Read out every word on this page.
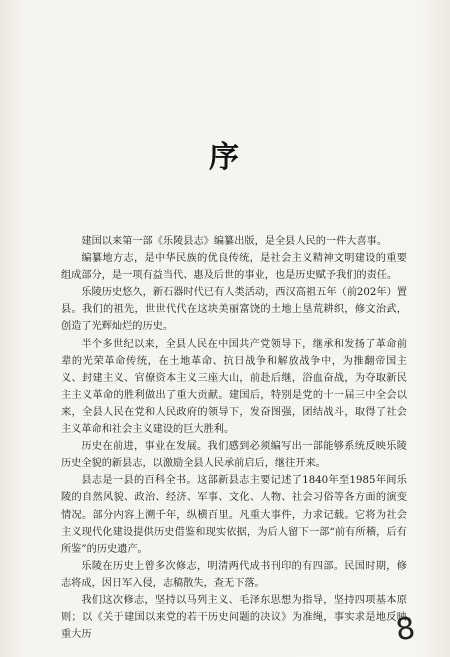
序

建国以来第一部《乐陵县志》编纂出版，是全县人民的一件大喜事。

编纂地方志，是中华民族的优良传统，是社会主义精神文明建设的重要组成部分，是一项有益当代、惠及后世的事业，也是历史赋予我们的责任。

乐陵历史悠久，新石器时代已有人类活动，西汉高祖五年（前202年）置县。我们的祖先，世世代代在这块美丽富饶的土地上垦荒耕织，修文治武，创造了光辉灿烂的历史。

半个多世纪以来，全县人民在中国共产党领导下，继承和发扬了革命前辈的光荣革命传统，在土地革命、抗日战争和解放战争中，为推翻帝国主义、封建主义、官僚资本主义三座大山，前赴后继，浴血奋战，为夺取新民主主义革命的胜利做出了重大贡献。建国后，特别是党的十一届三中全会以来，全县人民在党和人民政府的领导下，发奋图强，团结战斗，取得了社会主义革命和社会主义建设的巨大胜利。

历史在前进，事业在发展。我们感到必须编写出一部能够系统反映乐陵历史全貌的新县志，以激励全县人民承前启后，继往开来。

县志是一县的百科全书。这部新县志主要记述了1840年至1985年间乐陵的自然风貌、政治、经济、军事、文化、人物、社会习俗等各方面的演变情况。部分内容上溯千年，纵横百里。凡重大事件，力求记载。它将为社会主义现代化建设提供历史借鉴和现实依据，为后人留下一部“前有所稽，后有所鉴”的历史遗产。

乐陵在历史上曾多次修志，明清两代成书刊印的有四部。民国时期，修志将成，因日军入侵，志稿散失，查无下落。

我们这次修志，坚持以马列主义、毛泽东思想为指导，坚持四项基本原则；以《关于建国以来党的若干历史问题的决议》为准绳，事实求是地反映重大历	8
